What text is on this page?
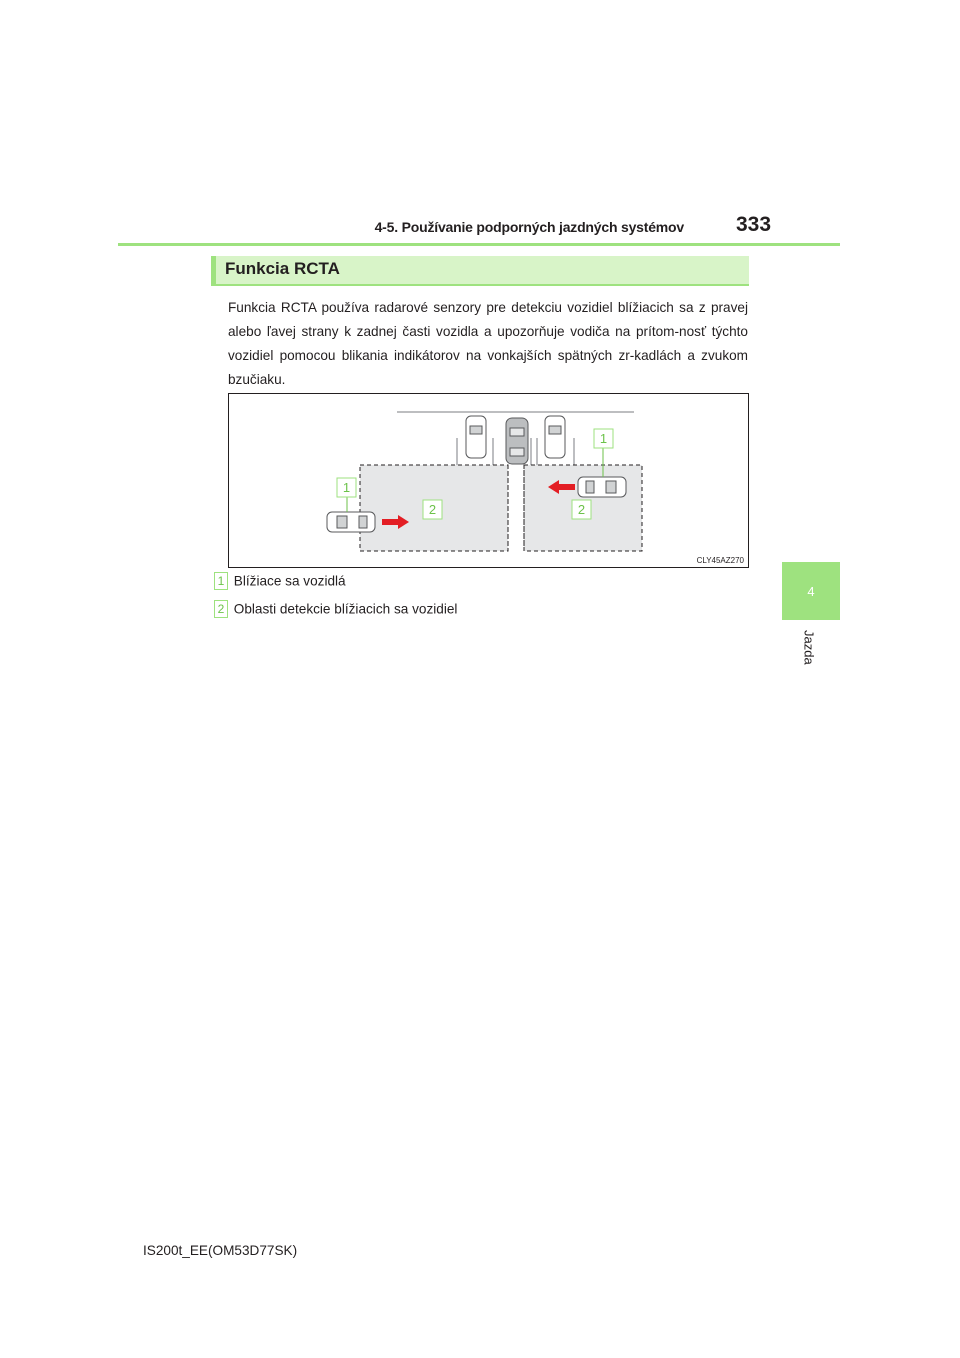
4-5. Používanie podporných jazdných systémov 333
4
Jazda
Funkcia RCTA
Funkcia RCTA používa radarové senzory pre detekciu vozidiel blížiacich sa z pravej alebo ľavej strany k zadnej časti vozidla a upozorňuje vodiča na prítom-nosť týchto vozidiel pomocou blikania indikátorov na vonkajších spätných zr-kadlách a zvukom bzučiaku.
1
1
2	2
CLY45AZ270
1 Blížiace sa vozidlá
2 Oblasti detekcie blížiacich sa vozidiel
IS200t_EE(OM53D77SK)
